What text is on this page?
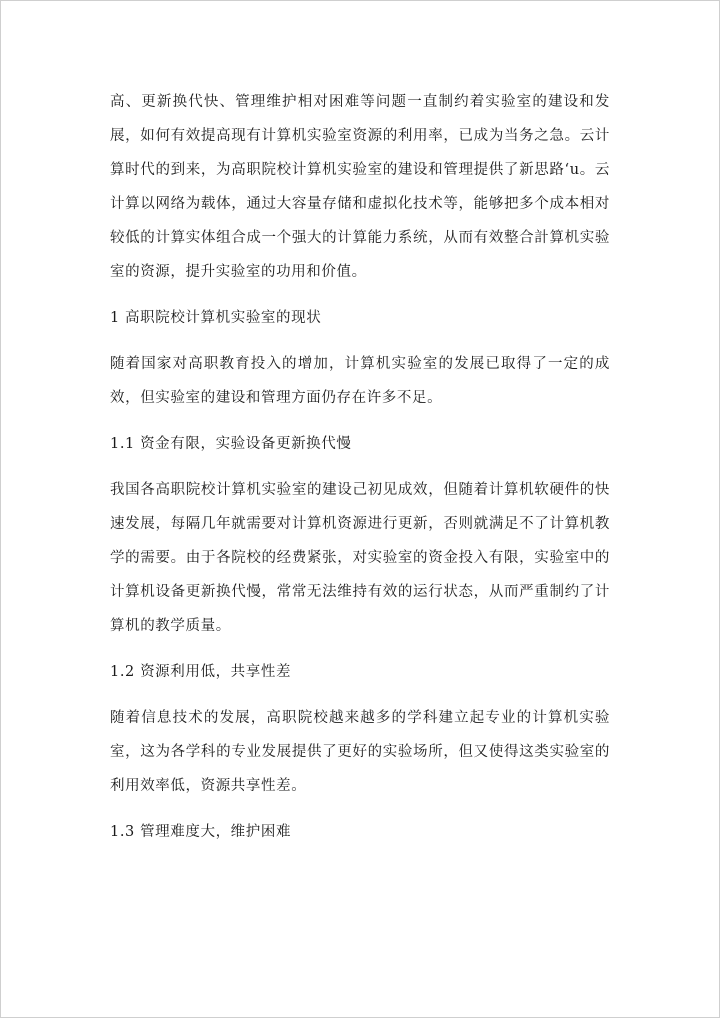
高、更新换代快、管理维护相对困难等问题一直制约着实验室的建设和发展，如何有效提高现有计算机实验室资源的利用率，已成为当务之急。云计算时代的到来，为高职院校计算机实验室的建设和管理提供了新思路‘u。云计算以网络为载体，通过大容量存储和虚拟化技术等，能够把多个成本相对较低的计算实体组合成一个强大的计算能力系统，从而有效整合計算机实验室的资源，提升实验室的功用和价值。

1 高职院校计算机实验室的现状

随着国家对高职教育投入的增加，计算机实验室的发展已取得了一定的成效，但实验室的建设和管理方面仍存在许多不足。

1.1 资金有限，实验设备更新换代慢

我国各高职院校计算机实验室的建设己初见成效，但随着计算机软硬件的快速发展，每隔几年就需要对计算机资源进行更新，否则就满足不了计算机教学的需要。由于各院校的经费紧张，对实验室的资金投入有限，实验室中的计算机设备更新换代慢，常常无法维持有效的运行状态，从而严重制约了计算机的教学质量。

1.2 资源利用低，共享性差

随着信息技术的发展，高职院校越来越多的学科建立起专业的计算机实验室，这为各学科的专业发展提供了更好的实验场所，但又使得这类实验室的利用效率低，资源共享性差。

1.3 管理难度大，维护困难
